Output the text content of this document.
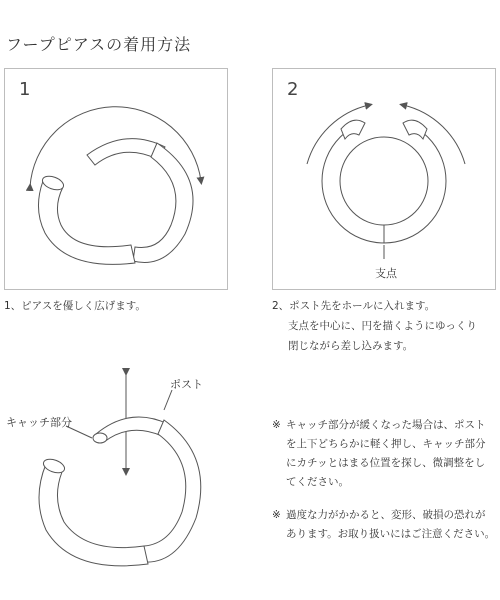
フープピアスの着用方法
1
1、ピアスを優しく広げます。
2
支点
2、ポスト先をホールに入れます。
支点を中心に、円を描くようにゆっくり
閉じながら差し込みます。
ポスト
キャッチ部分	※ キャッチ部分が緩くなった場合は、ポスト
を上下どちらかに軽く押し、キャッチ部分
にカチッとはまる位置を探し、微調整をし
てください。
※ 過度な力がかかると、変形、破損の恐れが
あります。お取り扱いにはご注意ください。
